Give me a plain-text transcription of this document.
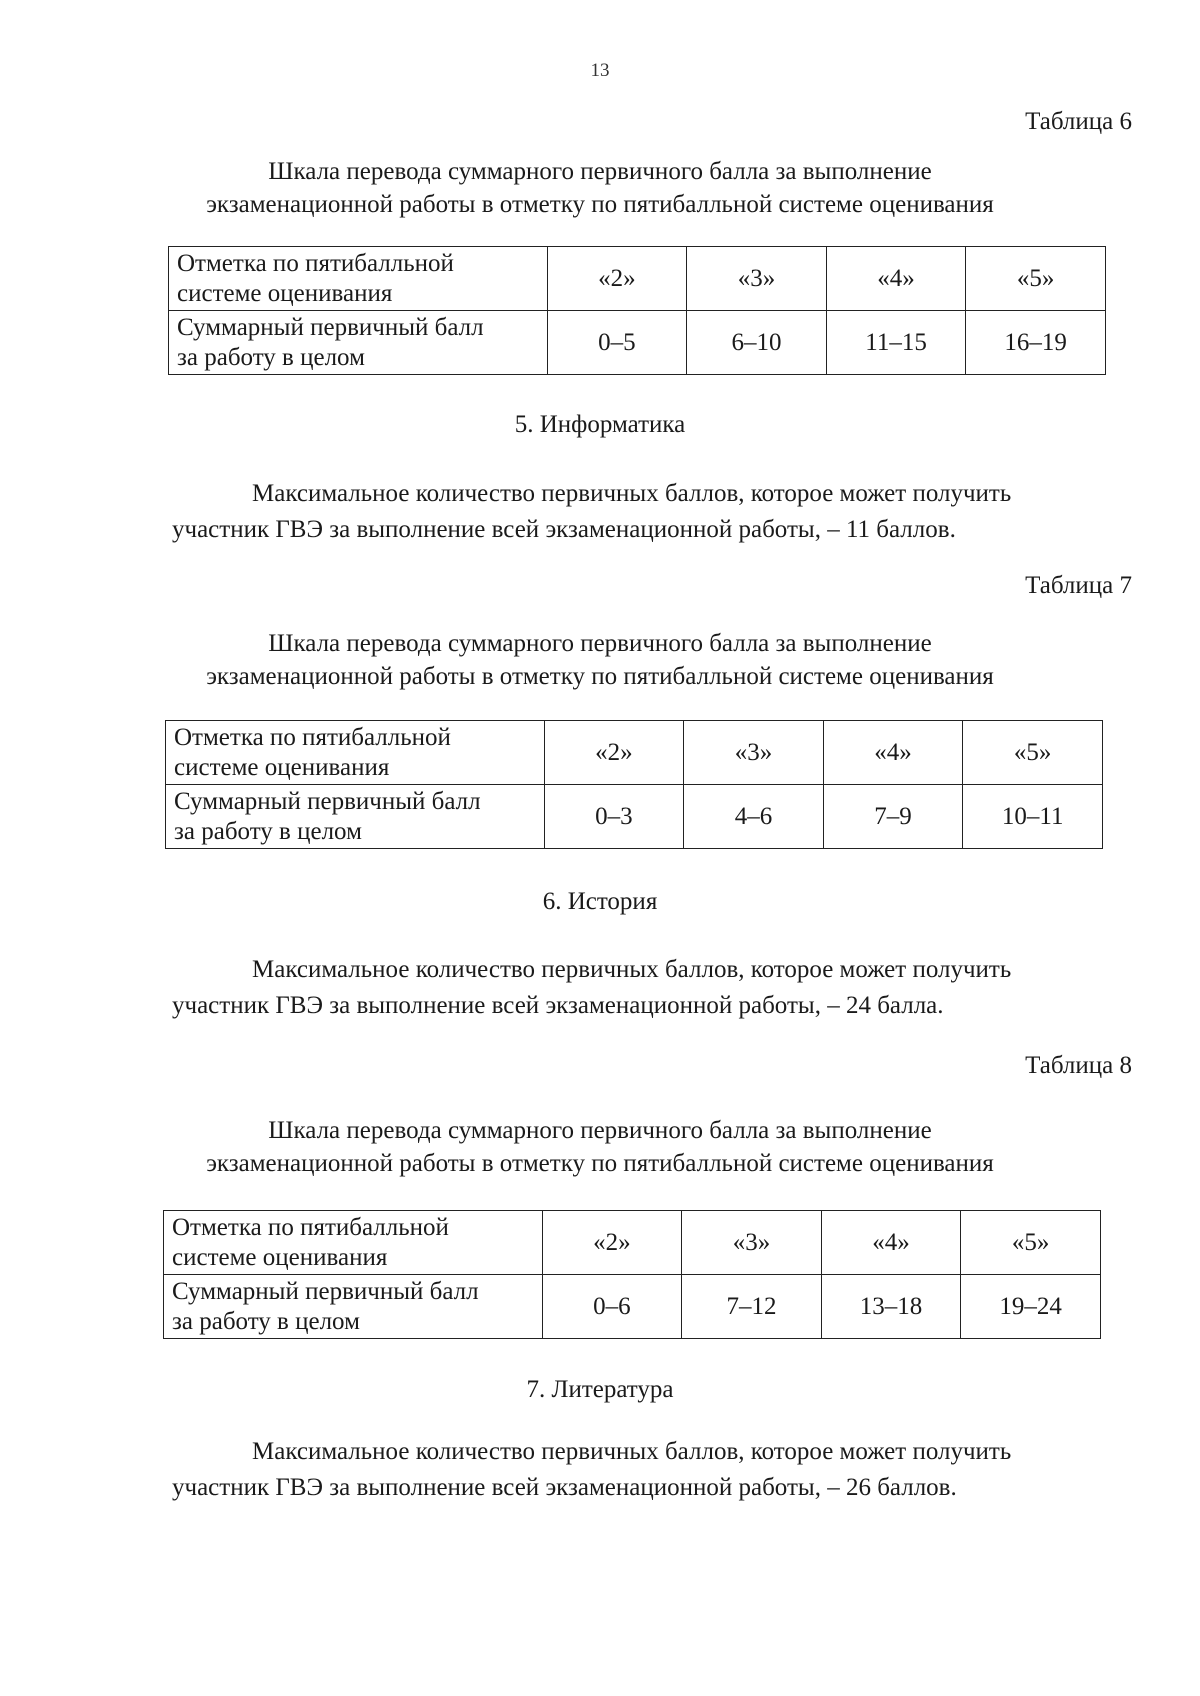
13
Таблица 6
Шкала перевода суммарного первичного балла за выполнение
экзаменационной работы в отметку по пятибалльной системе оценивания
Отметка по пятибалльной
системе оценивания	«2»	«3»	«4»	«5»

Суммарный первичный балл
за работу в целом	0–5	6–10	11–15	16–19
5. Информатика
Максимальное количество первичных баллов, которое может получить
участник ГВЭ за выполнение всей экзаменационной работы, – 11 баллов.
Таблица 7
Шкала перевода суммарного первичного балла за выполнение
экзаменационной работы в отметку по пятибалльной системе оценивания
Отметка по пятибалльной
системе оценивания	«2»	«3»	«4»	«5»

Суммарный первичный балл
за работу в целом	0–3	4–6	7–9	10–11
6. История
Максимальное количество первичных баллов, которое может получить
участник ГВЭ за выполнение всей экзаменационной работы, – 24 балла.
Таблица 8
Шкала перевода суммарного первичного балла за выполнение
экзаменационной работы в отметку по пятибалльной системе оценивания
Отметка по пятибалльной
системе оценивания	«2»	«3»	«4»	«5»

Суммарный первичный балл
за работу в целом	0–6	7–12	13–18	19–24
7. Литература
Максимальное количество первичных баллов, которое может получить
участник ГВЭ за выполнение всей экзаменационной работы, – 26 баллов.
